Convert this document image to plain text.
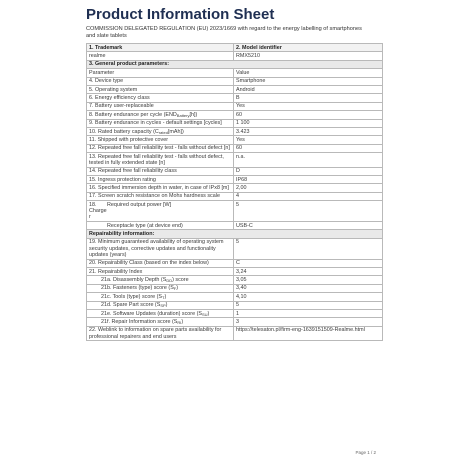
Product Information Sheet
COMMISSION DELEGATED REGULATION (EU) 2023/1669 with regard to the energy labelling of smartphones and slate tablets
1. Trademark	2. Model identifier
realme	RMX5210
3. General product parameters:	
Parameter	Value
4. Device type	Smartphone
5. Operating system	Android
6. Energy efficiency class	B
7. Battery user-replaceable	Yes
8. Battery endurance per cycle $(END_{Battery}[h])$	60
9. Battery endurance in cycles - default settings [cycles]	1 100
10. Rated battery capacity $(C_{rated}[mAh])$	3.423
11. Shipped with protective cover	Yes
12. Repeated free fall reliability test - falls without defect [n]	60
13. Repeated free fall reliability test - falls without defect, tested in fully extended state [n]	n.a.
14. Repeated free fall reliability class	D
15. Ingress protection rating	IP68
16. Specified immersion depth in water, in case of IPx8 [m]	2,00
17. Screen scratch resistance on Mohs hardness scale	4

18. Charger
Required output power [W]	5

Receptacle type (at device end)	USB-C
Repairability information:	
19. Minimum guaranteed availability of operating system security updates, corrective updates and functionality updates (years)	5
20. Repairability Class (based on the index below)	C
21. Repairability Index	3,24
21a. Disassembly Depth $(S_{DD})$ score	3,05
21b. Fasteners (type) score $(S_F)$	3,40
21c. Tools (type) score $(S_T)$	4,10
21d. Spare Part score $(S_{SP})$	5
21e. Software Updates (duration) score $(S_{SU})$	1
21f. Repair Information score $(S_{RI})$	3
22. Weblink to information on spare parts availability for professional repairers and end users	https://telesaton.pl/firm-eng-1639151509-Realme.html
Page 1 / 2
